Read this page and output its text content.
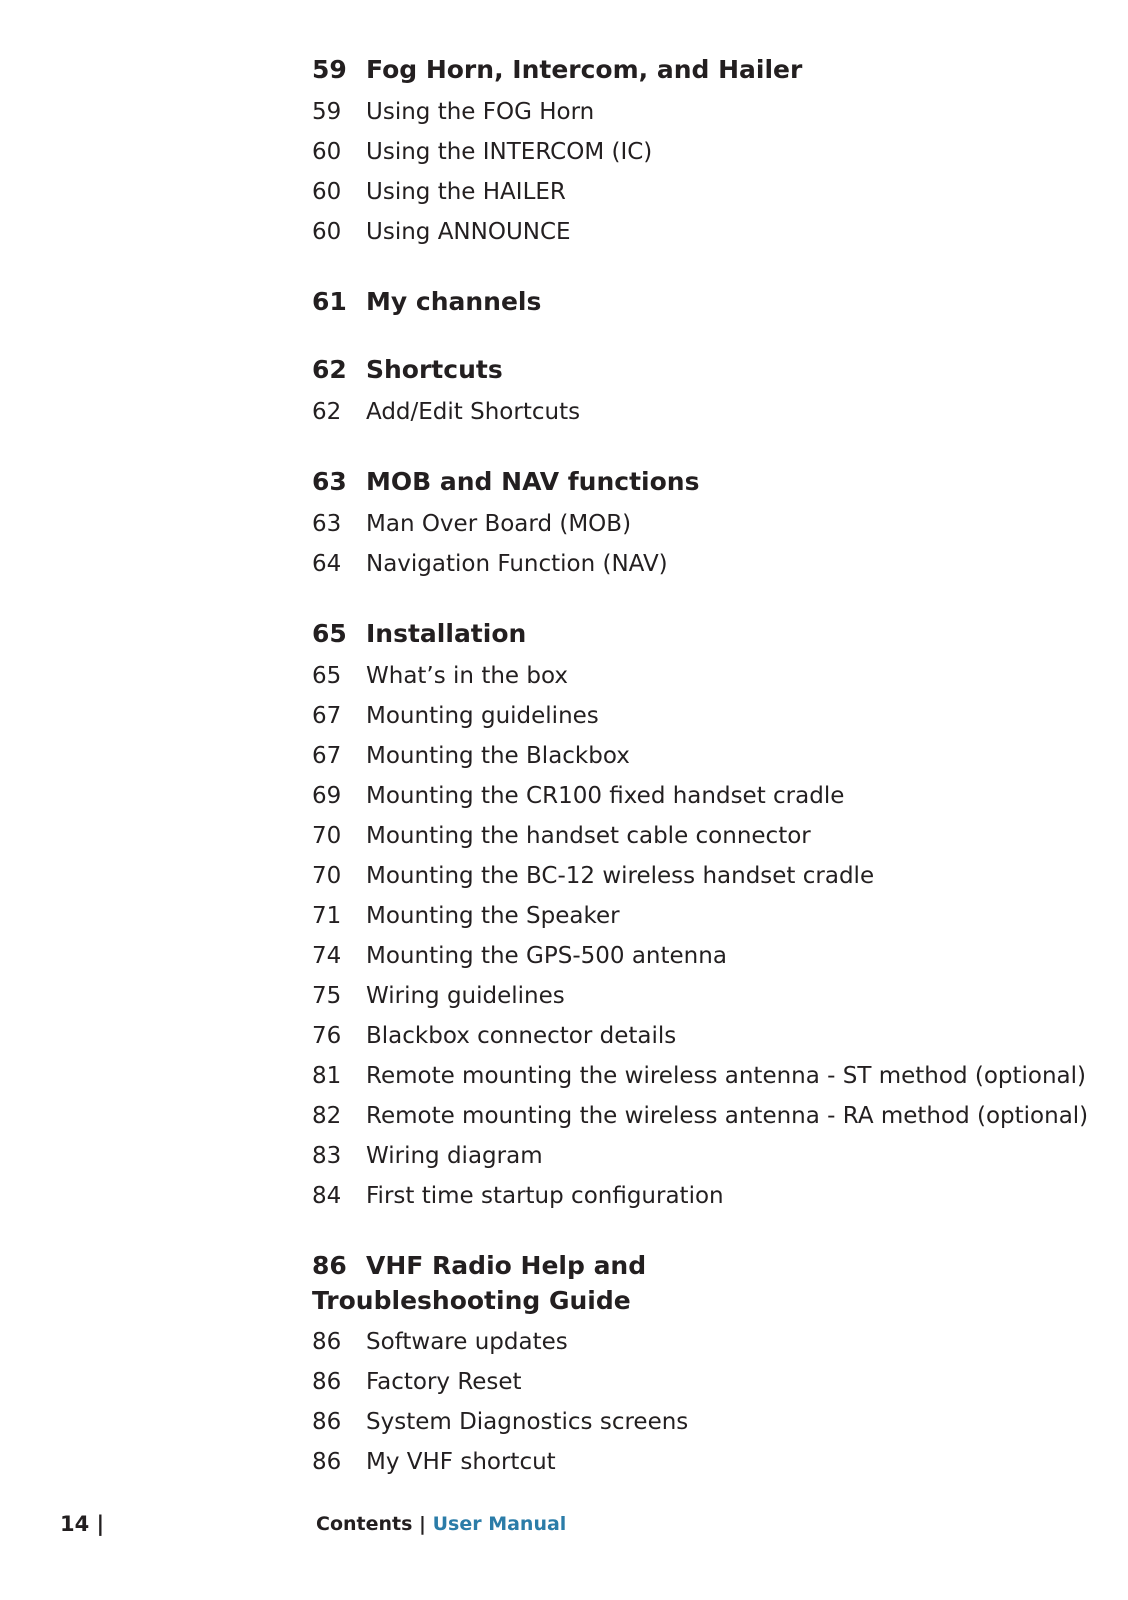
59 Fog Horn, Intercom, and Hailer
59	Using the FOG Horn
60	Using the INTERCOM (IC)
60	Using the HAILER
60	Using ANNOUNCE
61 My channels
62 Shortcuts
62	Add/Edit Shortcuts
63 MOB and NAV functions
63	Man Over Board (MOB)
64	Navigation Function (NAV)
65 Installation
65	What’s in the box
67	Mounting guidelines
67	Mounting the Blackbox
69	Mounting the CR100 fixed handset cradle
70	Mounting the handset cable connector
70	Mounting the BC-12 wireless handset cradle
71	Mounting the Speaker
74	Mounting the GPS-500 antenna
75	Wiring guidelines
76	Blackbox connector details
81	Remote mounting the wireless antenna - ST method (optional)
82	Remote mounting the wireless antenna - RA method (optional)
83	Wiring diagram
84	First time startup configuration
86 VHF Radio Help and Troubleshooting Guide
86	Software updates
86	Factory Reset
86	System Diagnostics screens
86	My VHF shortcut
14 |	Contents | User Manual
